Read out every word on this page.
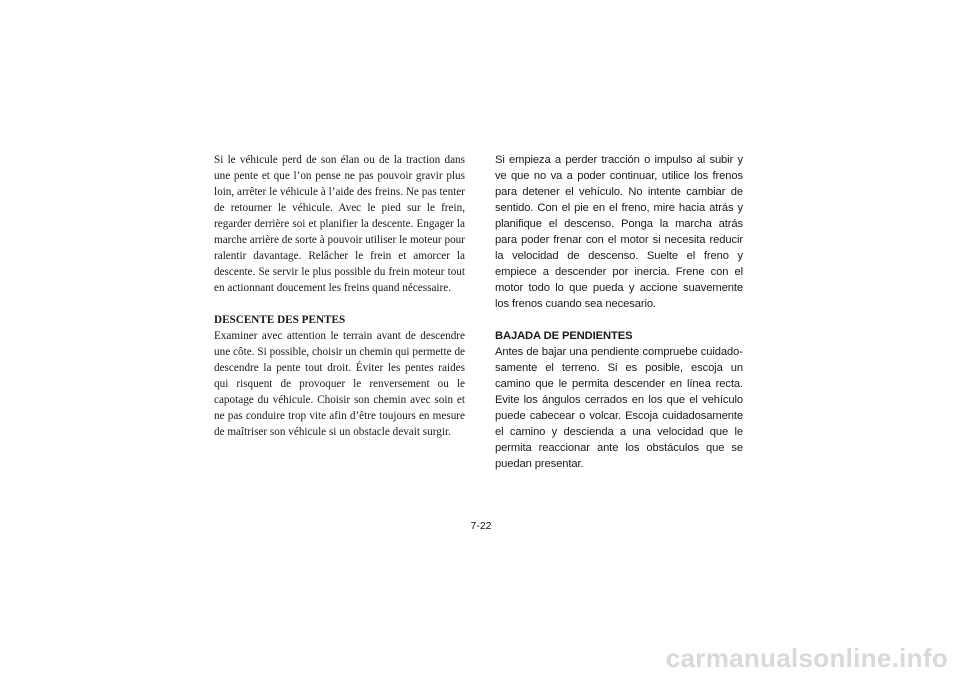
Si le véhicule perd de son élan ou de la traction dans une pente et que l’on pense ne pas pouvoir gravir plus loin, arrêter le véhicule à l’aide des freins. Ne pas tenter de retourner le véhicule. Avec le pied sur le frein, regarder derrière soi et planifier la descente. Engager la marche arrière de sorte à pouvoir utiliser le moteur pour ralentir davantage. Relâcher le frein et amorcer la descente. Se servir le plus possible du frein moteur tout en actionnant doucement les freins quand nécessaire.

DESCENTE DES PENTES

Examiner avec attention le terrain avant de descendre une côte. Si possible, choisir un chemin qui permette de descendre la pente tout droit. Éviter les pentes raides qui risquent de provoquer le renversement ou le capotage du véhicule. Choisir son chemin avec soin et ne pas conduire trop vite afin d’être toujours en mesure de maîtriser son véhicule si un obstacle devait surgir.

Si empieza a perder tracción o impulso al subir y ve que no va a poder continuar, utilice los frenos para detener el vehículo. No intente cambiar de sentido. Con el pie en el freno, mire hacia atrás y planifique el descenso. Ponga la marcha atrás para poder frenar con el motor si necesita reducir la velocidad de descenso. Suelte el freno y empiece a descender por inercia. Frene con el motor todo lo que pueda y accione suavemente los frenos cuando sea necesario.

BAJADA DE PENDIENTES

Antes de bajar una pendiente compruebe cuidadosamente el terreno. Si es posible, escoja un camino que le permita descender en línea recta. Evite los ángulos cerrados en los que el vehículo puede cabecear o volcar. Escoja cuidadosamente el camino y descienda a una velocidad que le permita reaccionar ante los obstáculos que se puedan presentar.

7-22
carmanualsonline.info
